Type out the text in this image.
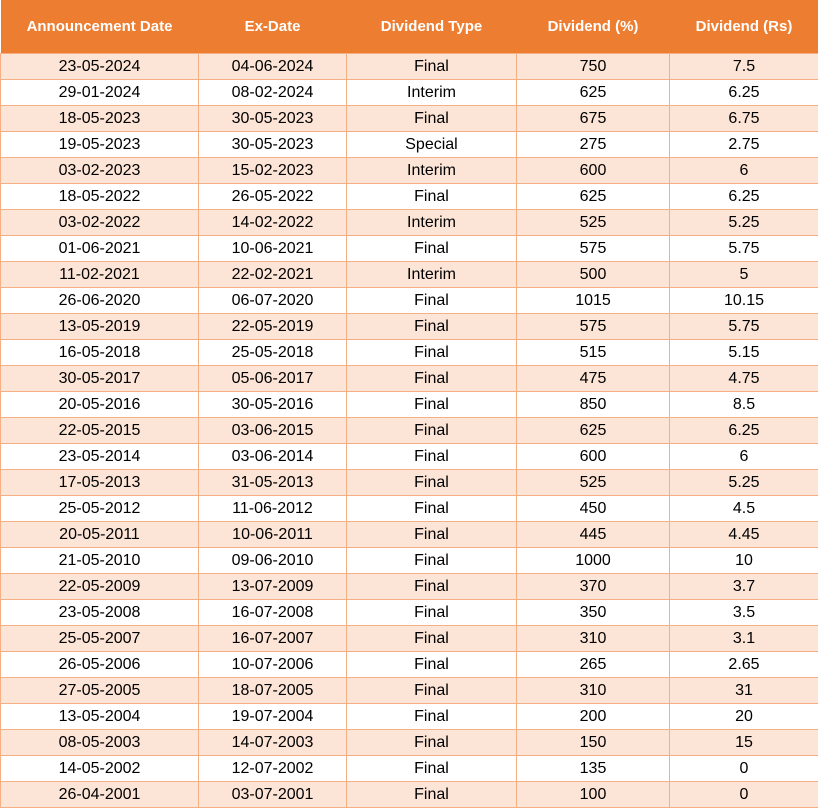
Announcement Date	Ex-Date	Dividend Type	Dividend (%)	Dividend (Rs)
23-05-2024	04-06-2024	Final	750	7.5
29-01-2024	08-02-2024	Interim	625	6.25
18-05-2023	30-05-2023	Final	675	6.75
19-05-2023	30-05-2023	Special	275	2.75
03-02-2023	15-02-2023	Interim	600	6
18-05-2022	26-05-2022	Final	625	6.25
03-02-2022	14-02-2022	Interim	525	5.25
01-06-2021	10-06-2021	Final	575	5.75
11-02-2021	22-02-2021	Interim	500	5
26-06-2020	06-07-2020	Final	1015	10.15
13-05-2019	22-05-2019	Final	575	5.75
16-05-2018	25-05-2018	Final	515	5.15
30-05-2017	05-06-2017	Final	475	4.75
20-05-2016	30-05-2016	Final	850	8.5
22-05-2015	03-06-2015	Final	625	6.25
23-05-2014	03-06-2014	Final	600	6
17-05-2013	31-05-2013	Final	525	5.25
25-05-2012	11-06-2012	Final	450	4.5
20-05-2011	10-06-2011	Final	445	4.45
21-05-2010	09-06-2010	Final	1000	10
22-05-2009	13-07-2009	Final	370	3.7
23-05-2008	16-07-2008	Final	350	3.5
25-05-2007	16-07-2007	Final	310	3.1
26-05-2006	10-07-2006	Final	265	2.65
27-05-2005	18-07-2005	Final	310	31
13-05-2004	19-07-2004	Final	200	20
08-05-2003	14-07-2003	Final	150	15
14-05-2002	12-07-2002	Final	135	0
26-04-2001	03-07-2001	Final	100	0
